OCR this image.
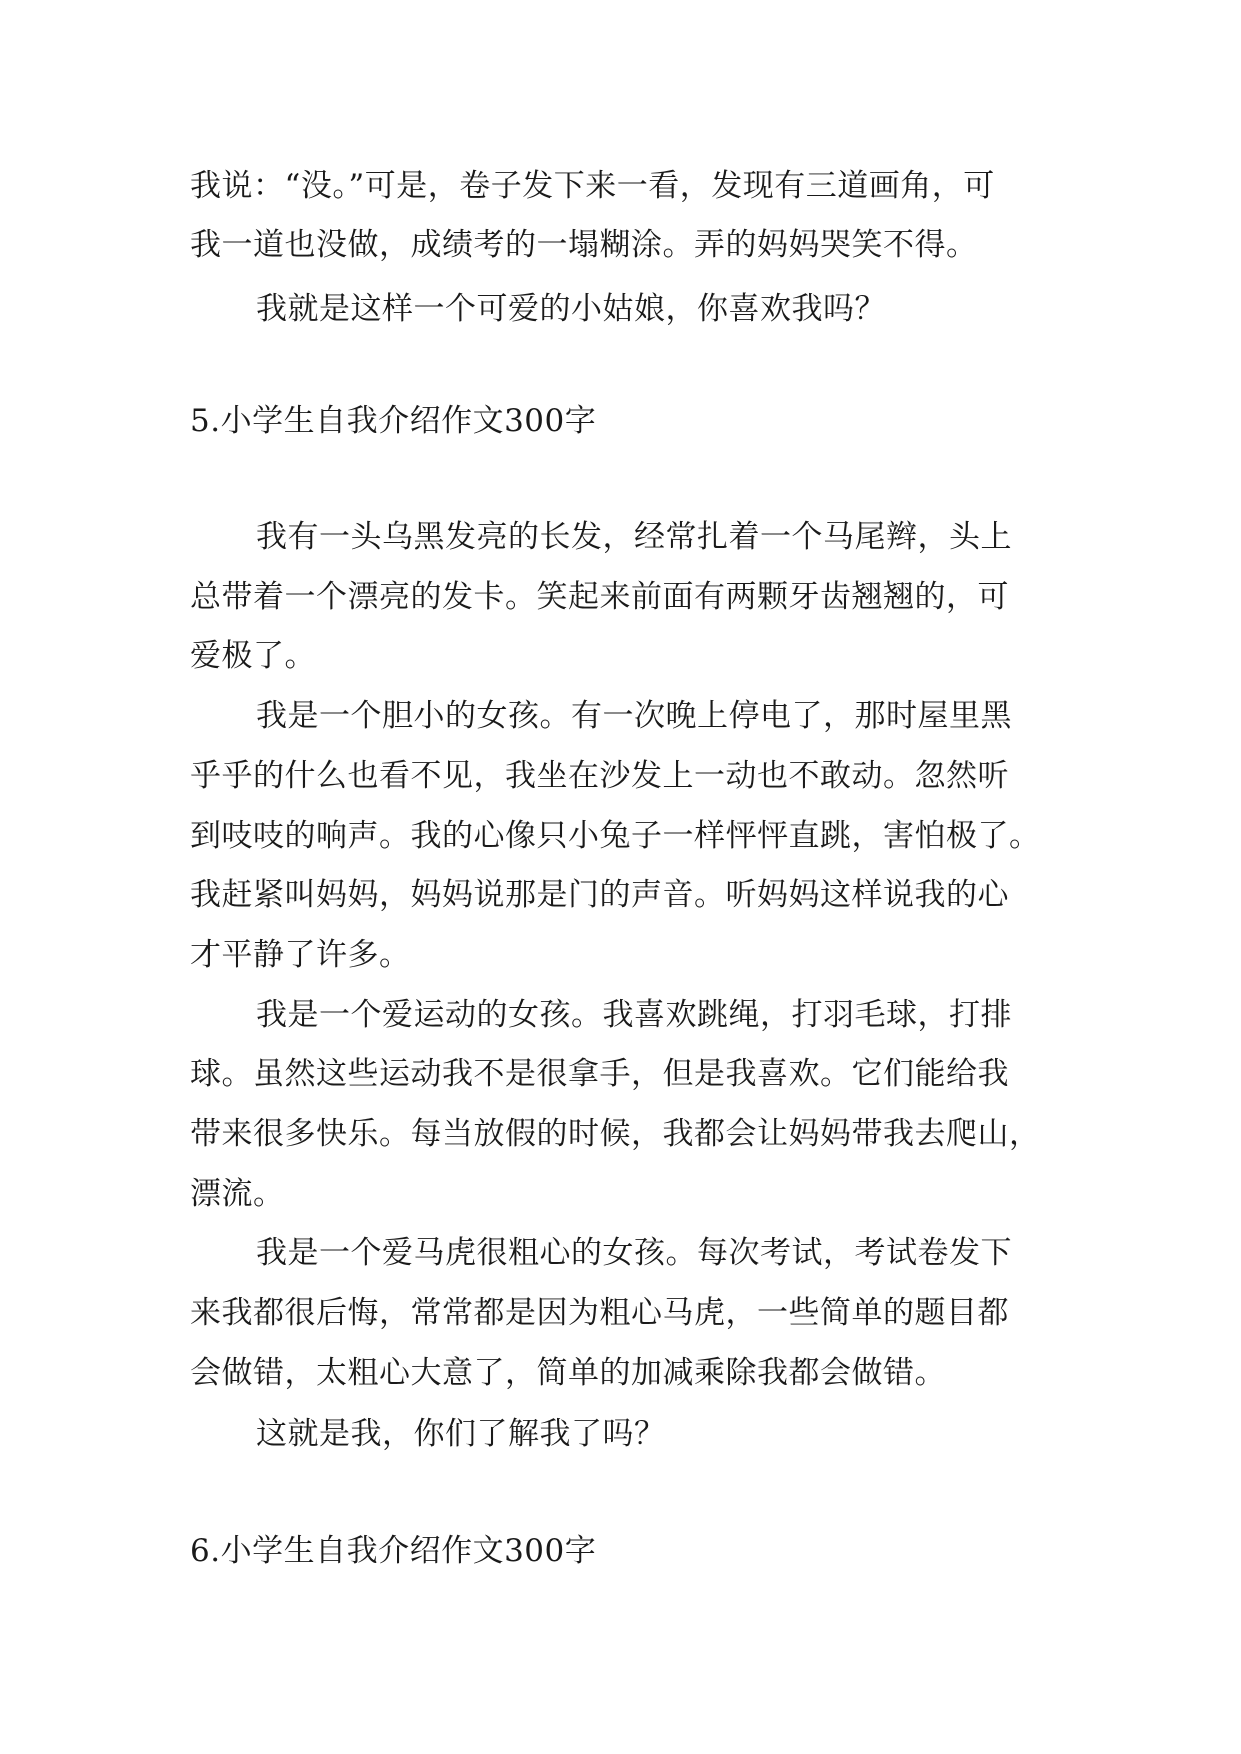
我说：“没。”可是，卷子发下来一看，发现有三道画角，可
我一道也没做，成绩考的一塌糊涂。弄的妈妈哭笑不得。
我就是这样一个可爱的小姑娘，你喜欢我吗？
5.小学生自我介绍作文300字
我有一头乌黑发亮的长发，经常扎着一个马尾辫，头上
总带着一个漂亮的发卡。笑起来前面有两颗牙齿翘翘的，可
爱极了。
我是一个胆小的女孩。有一次晚上停电了，那时屋里黑
乎乎的什么也看不见，我坐在沙发上一动也不敢动。忽然听
到吱吱的响声。我的心像只小兔子一样怦怦直跳，害怕极了。
我赶紧叫妈妈，妈妈说那是门的声音。听妈妈这样说我的心
才平静了许多。
我是一个爱运动的女孩。我喜欢跳绳，打羽毛球，打排
球。虽然这些运动我不是很拿手，但是我喜欢。它们能给我
带来很多快乐。每当放假的时候，我都会让妈妈带我去爬山，
漂流。
我是一个爱马虎很粗心的女孩。每次考试，考试卷发下
来我都很后悔，常常都是因为粗心马虎，一些简单的题目都
会做错，太粗心大意了，简单的加减乘除我都会做错。
这就是我，你们了解我了吗？
6.小学生自我介绍作文300字
